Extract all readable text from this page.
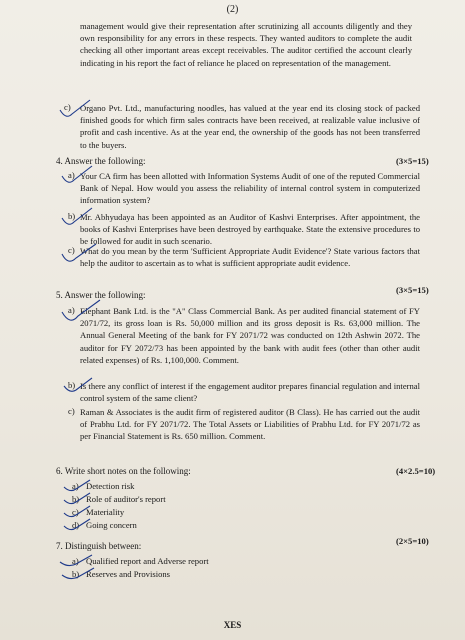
(2)
management would give their representation after scrutinizing all accounts diligently and they own responsibility for any errors in these respects. They wanted auditors to complete the audit checking all other important areas except receivables. The auditor certified the account clearly indicating in his report the fact of reliance he placed on representation of the management.
c) Organo Pvt. Ltd., manufacturing noodles, has valued at the year end its closing stock of packed finished goods for which firm sales contracts have been received, at realizable value inclusive of profit and cash incentive. As at the year end, the ownership of the goods has not been transferred to the buyers.
4. Answer the following:	(3×5=15)
a) Your CA firm has been allotted with Information Systems Audit of one of the reputed Commercial Bank of Nepal. How would you assess the reliability of internal control system in computerized information system?
b) Mr. Abhyudaya has been appointed as an Auditor of Kashvi Enterprises. After appointment, the books of Kashvi Enterprises have been destroyed by earthquake. State the extensive procedures to be followed for audit in such scenario.
c) What do you mean by the term 'Sufficient Appropriate Audit Evidence'? State various factors that help the auditor to ascertain as to what is sufficient appropriate audit evidence.
5. Answer the following:	(3×5=15)
a) Elephant Bank Ltd. is the "A" Class Commercial Bank. As per audited financial statement of FY 2071/72, its gross loan is Rs. 50,000 million and its gross deposit is Rs. 63,000 million. The Annual General Meeting of the bank for FY 2071/72 was conducted on 12th Ashwin 2072. The auditor for FY 2072/73 has been appointed by the bank with audit fees (other than other audit related expenses) of Rs. 1,100,000. Comment.
b) Is there any conflict of interest if the engagement auditor prepares financial regulation and internal control system of the same client?
c) Raman & Associates is the audit firm of registered auditor (B Class). He has carried out the audit of Prabhu Ltd. for FY 2071/72. The Total Assets or Liabilities of Prabhu Ltd. for FY 2071/72 as per Financial Statement is Rs. 650 million. Comment.
6. Write short notes on the following:	(4×2.5=10)
a) Detection risk
b) Role of auditor's report
c) Materiality
d) Going concern
7. Distinguish between:	(2×5=10)
a) Qualified report and Adverse report
b) Reserves and Provisions
XES
